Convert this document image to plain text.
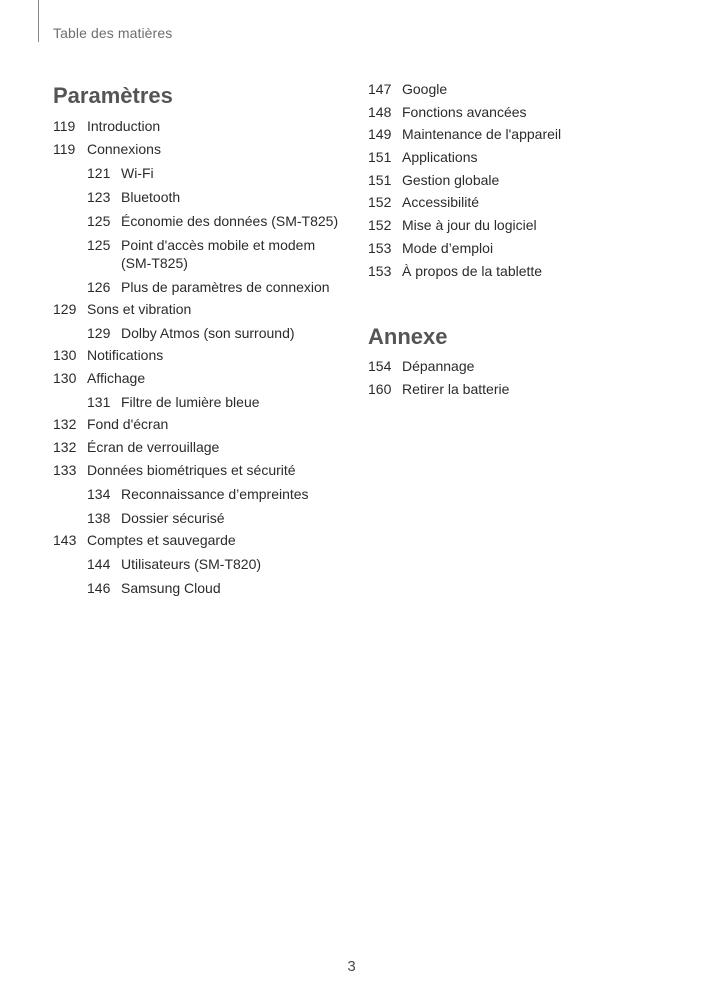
Table des matières
Paramètres
119 Introduction
119 Connexions
121 Wi-Fi
123 Bluetooth
125 Économie des données (SM-T825)
125 Point d'accès mobile et modem (SM-T825)
126 Plus de paramètres de connexion
129 Sons et vibration
129 Dolby Atmos (son surround)
130 Notifications
130 Affichage
131 Filtre de lumière bleue
132 Fond d'écran
132 Écran de verrouillage
133 Données biométriques et sécurité
134 Reconnaissance d’empreintes
138 Dossier sécurisé
143 Comptes et sauvegarde
144 Utilisateurs (SM-T820)
146 Samsung Cloud
147 Google
148 Fonctions avancées
149 Maintenance de l'appareil
151 Applications
151 Gestion globale
152 Accessibilité
152 Mise à jour du logiciel
153 Mode d’emploi
153 À propos de la tablette
Annexe
154 Dépannage
160 Retirer la batterie
3
